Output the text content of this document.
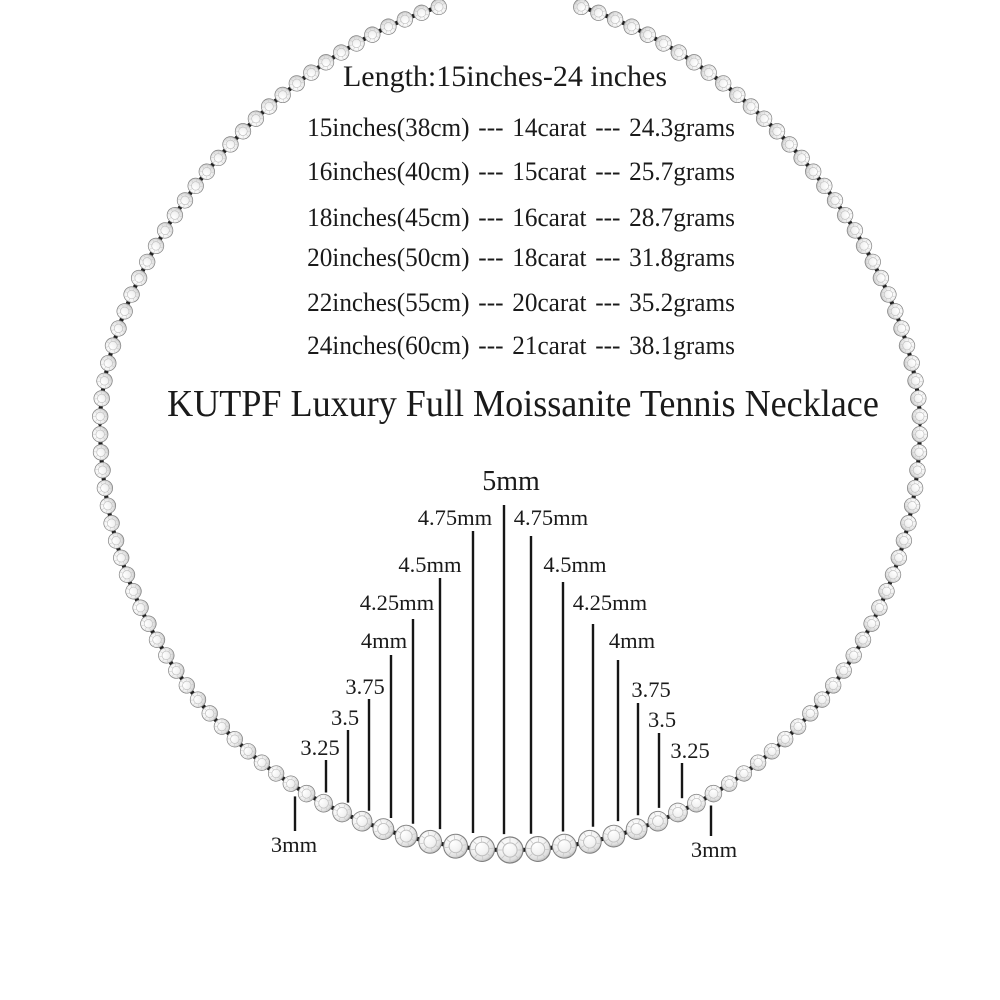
Length:15inches-24 inches
15inches(38cm) --- 14carat --- 24.3grams
16inches(40cm) --- 15carat --- 25.7grams
18inches(45cm) --- 16carat --- 28.7grams
20inches(50cm) --- 18carat --- 31.8grams
22inches(55cm) --- 20carat --- 35.2grams
24inches(60cm) --- 21carat --- 38.1grams
KUTPF Luxury Full Moissanite Tennis Necklace
5mm
4.75mm 4.75mm
4.5mm	4.5mm
4.25mm	4.25mm
4mm	4mm
3.75	3.75
3.5	3.5
3.25	3.25
3mm	3mm
